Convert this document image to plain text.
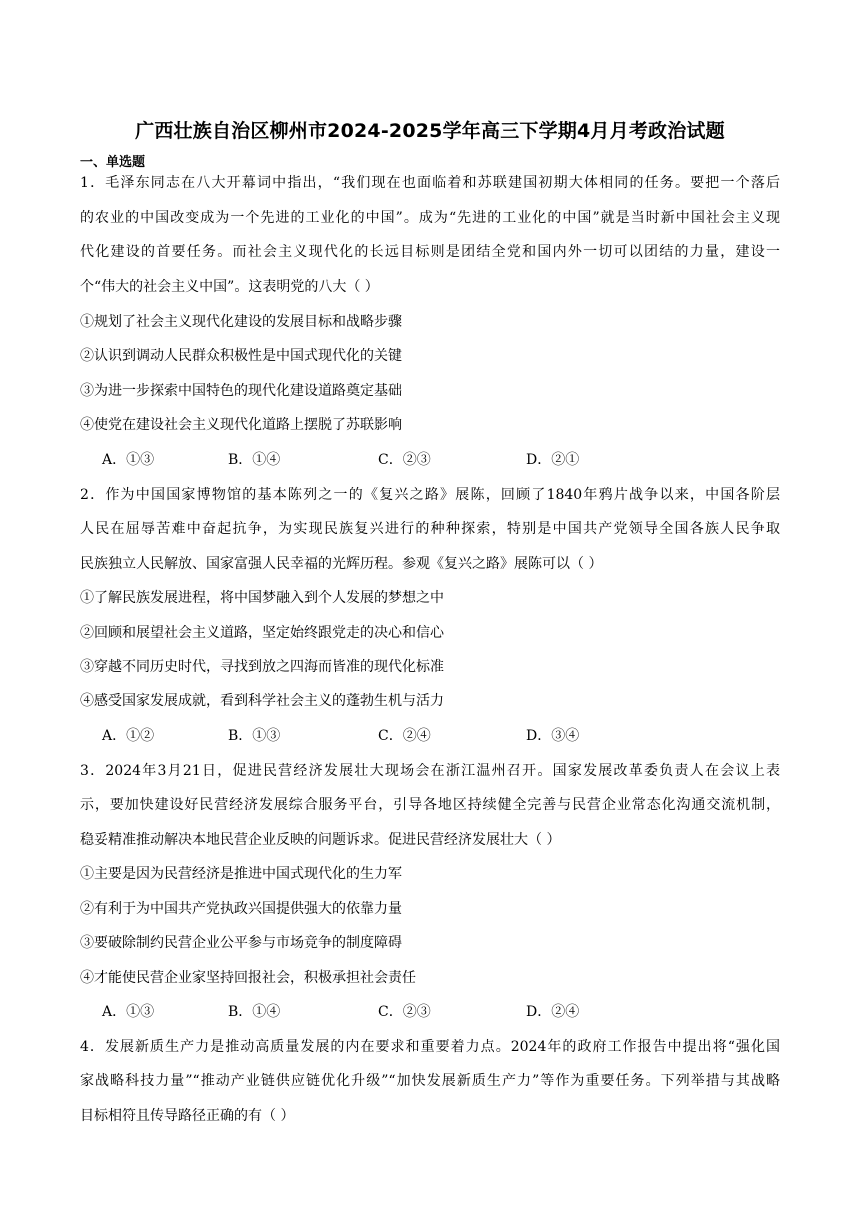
广西壮族自治区柳州市2024-2025学年高三下学期4月月考政治试题
一、单选题
1．毛泽东同志在八大开幕词中指出，“我们现在也面临着和苏联建国初期大体相同的任务。要把一个落后
的农业的中国改变成为一个先进的工业化的中国”。成为“先进的工业化的中国”就是当时新中国社会主义现
代化建设的首要任务。而社会主义现代化的长远目标则是团结全党和国内外一切可以团结的力量，建设一
个“伟大的社会主义中国”。这表明党的八大（ ）
①规划了社会主义现代化建设的发展目标和战略步骤
②认识到调动人民群众积极性是中国式现代化的关键
③为进一步探索中国特色的现代化建设道路奠定基础
④使党在建设社会主义现代化道路上摆脱了苏联影响
A．①③	B．①④	C．②③	D．②①
2．作为中国国家博物馆的基本陈列之一的《复兴之路》展陈，回顾了1840年鸦片战争以来，中国各阶层
人民在屈辱苦难中奋起抗争，为实现民族复兴进行的种种探索，特别是中国共产党领导全国各族人民争取
民族独立人民解放、国家富强人民幸福的光辉历程。参观《复兴之路》展陈可以（ ）
①了解民族发展进程，将中国梦融入到个人发展的梦想之中
②回顾和展望社会主义道路，坚定始终跟党走的决心和信心
③穿越不同历史时代，寻找到放之四海而皆准的现代化标准
④感受国家发展成就，看到科学社会主义的蓬勃生机与活力
A．①②	B．①③	C．②④	D．③④
3．2024年3月21日，促进民营经济发展壮大现场会在浙江温州召开。国家发展改革委负责人在会议上表
示，要加快建设好民营经济发展综合服务平台，引导各地区持续健全完善与民营企业常态化沟通交流机制，
稳妥精准推动解决本地民营企业反映的问题诉求。促进民营经济发展壮大（ ）
①主要是因为民营经济是推进中国式现代化的生力军
②有利于为中国共产党执政兴国提供强大的依靠力量
③要破除制约民营企业公平参与市场竞争的制度障碍
④才能使民营企业家坚持回报社会，积极承担社会责任
A．①③	B．①④	C．②③	D．②④
4．发展新质生产力是推动高质量发展的内在要求和重要着力点。2024年的政府工作报告中提出将“强化国
家战略科技力量”“推动产业链供应链优化升级”“加快发展新质生产力”等作为重要任务。下列举措与其战略
目标相符且传导路径正确的有（ ）
